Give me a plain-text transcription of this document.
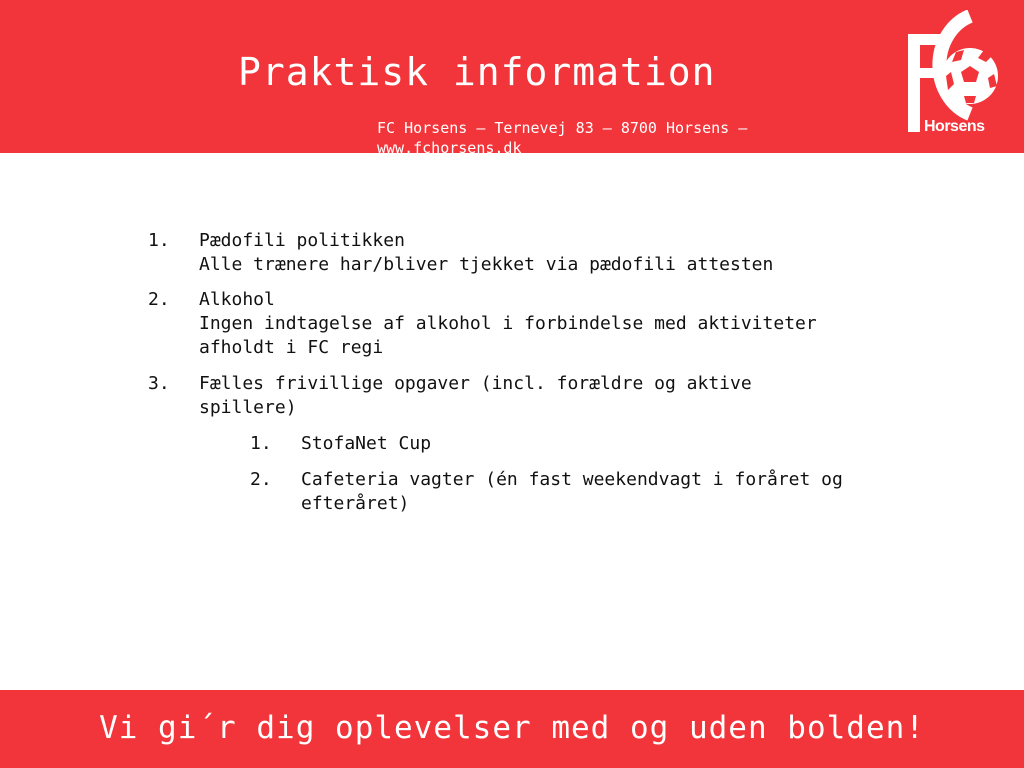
Praktisk information
FC Horsens – Ternevej 83 – 8700 Horsens – www.fchorsens.dk
Horsens
1. Pædofili politikken
Alle trænere har/bliver tjekket via pædofili attesten
2. Alkohol
Ingen indtagelse af alkohol i forbindelse med aktiviteter
afholdt i FC regi
3. Fælles frivillige opgaver (incl. forældre og aktive
spillere)
1. StofaNet Cup
2. Cafeteria vagter (én fast weekendvagt i foråret og
efteråret)
Vi gi´r dig oplevelser med og uden bolden!
